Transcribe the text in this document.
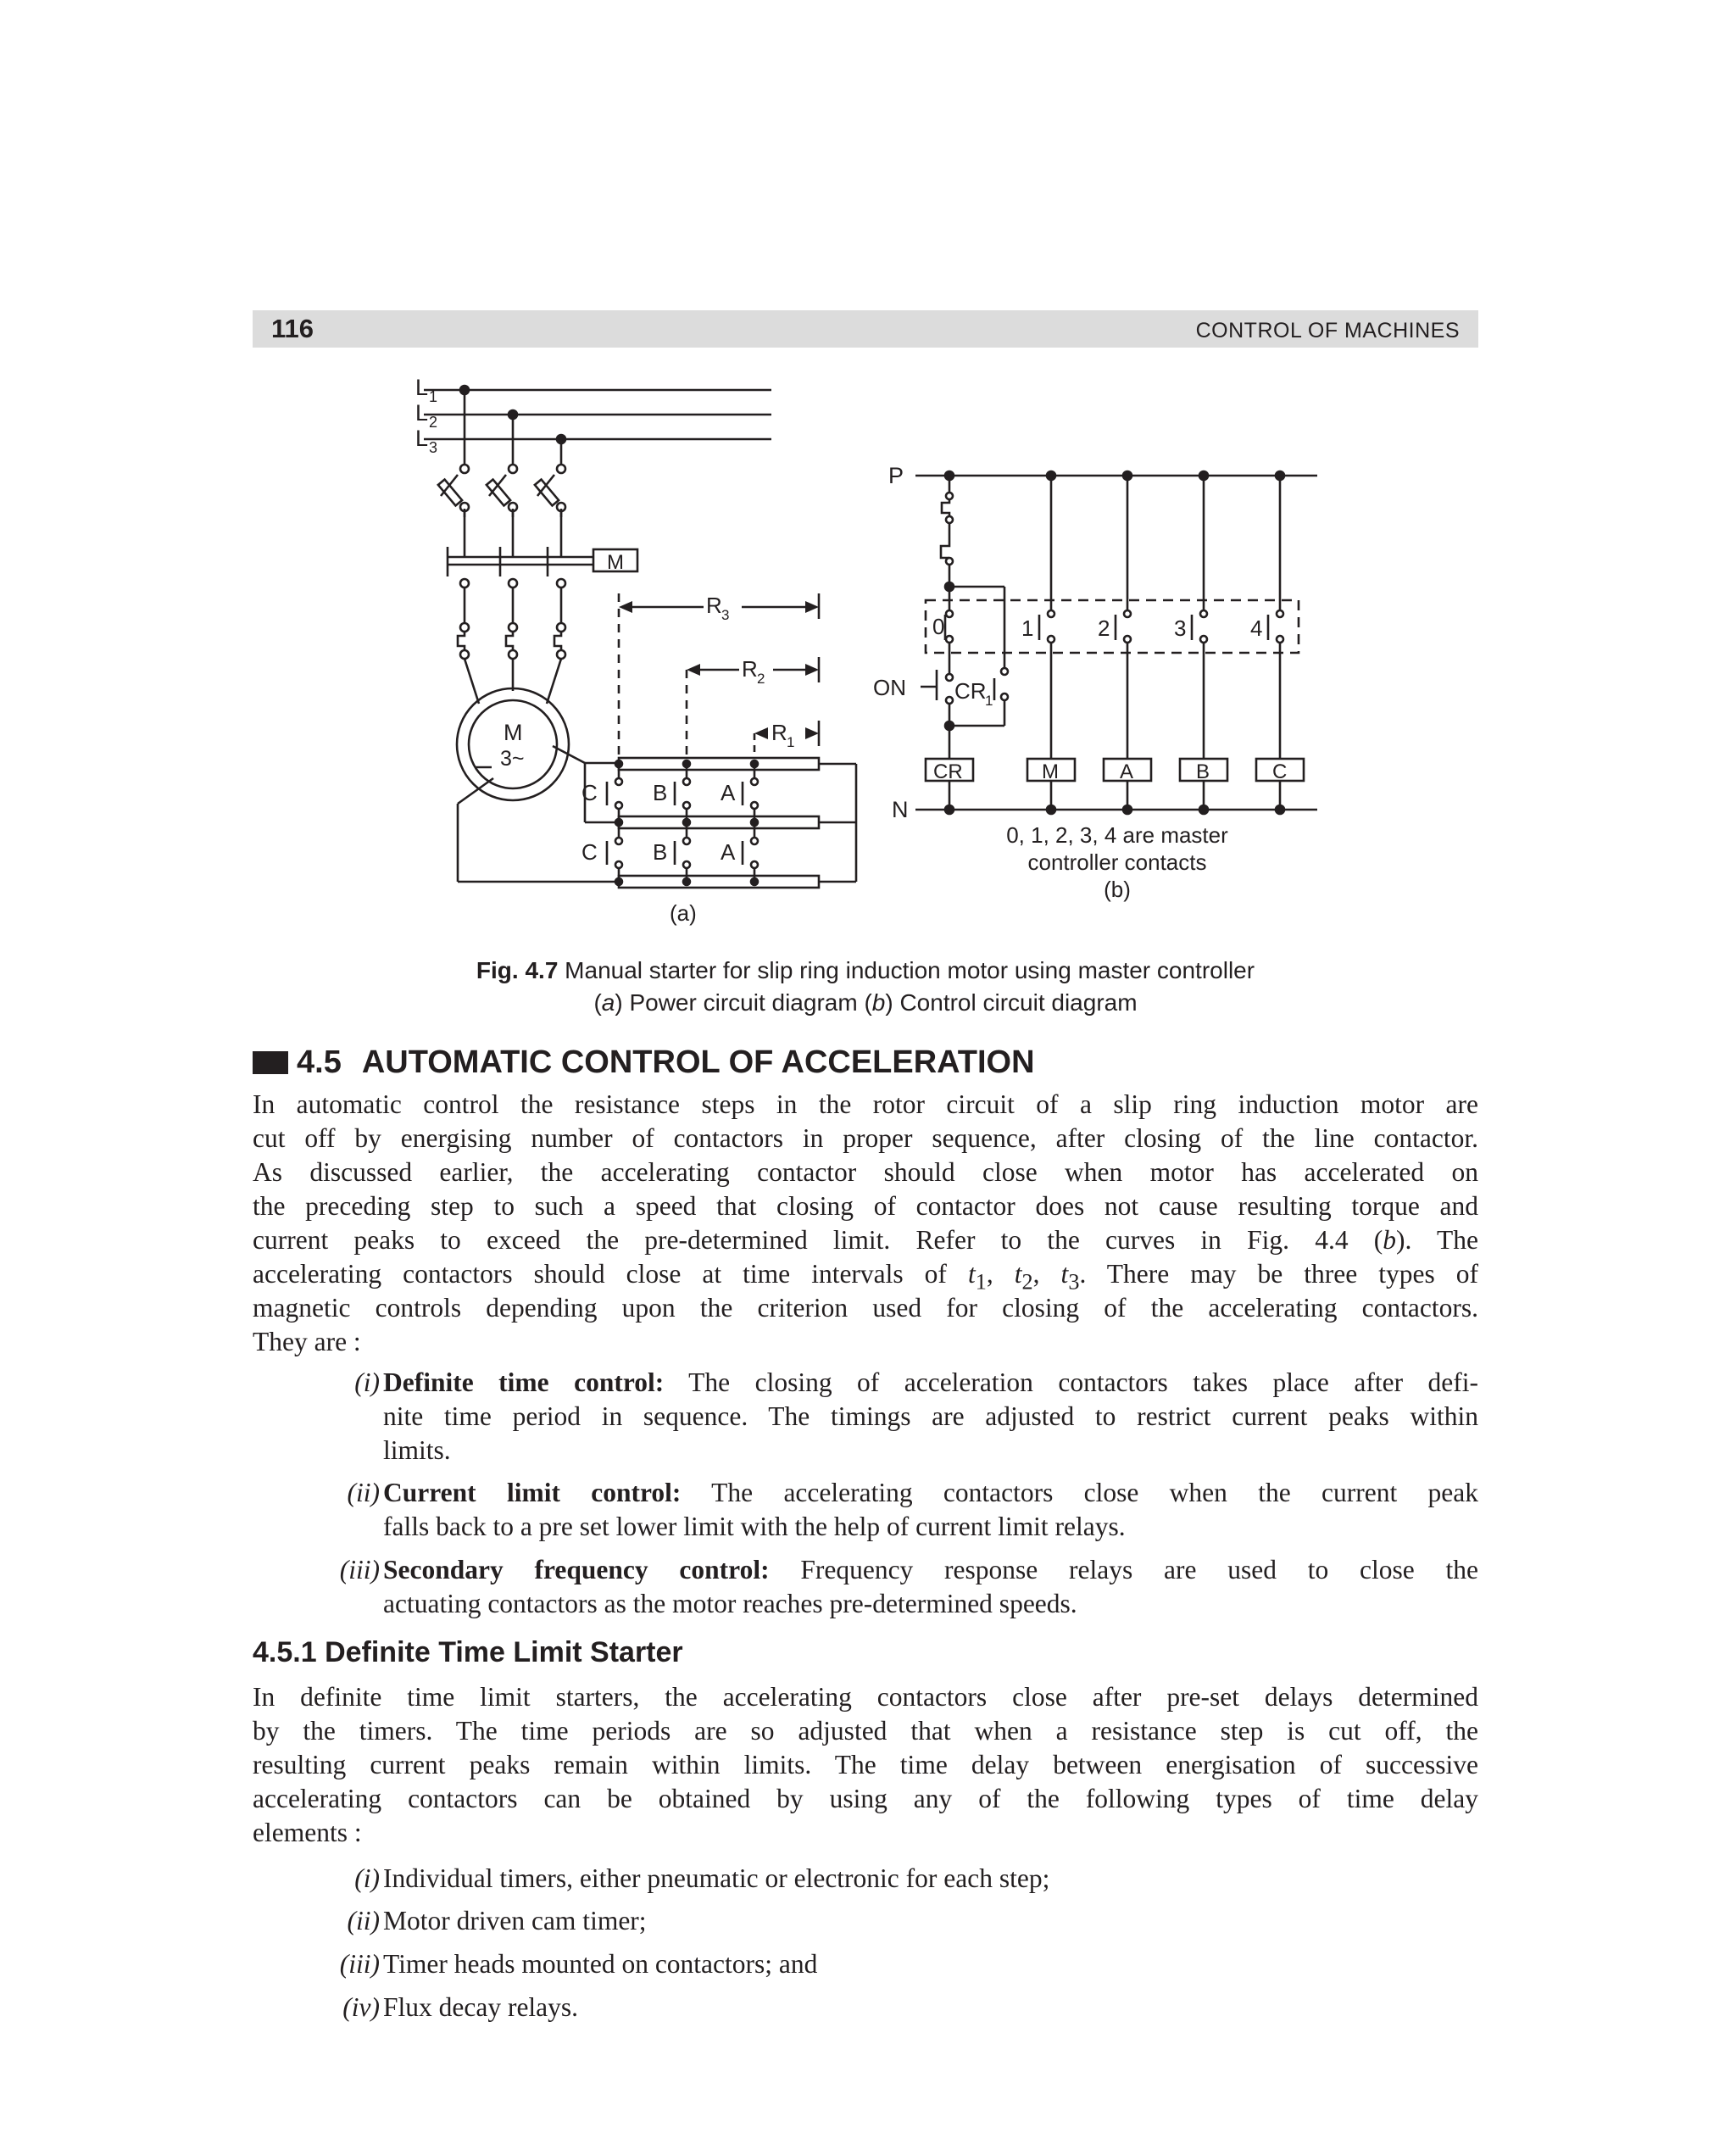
116	CONTROL OF MACHINES
L 1
L 2
L 3
M
M
3~
C	B A
C	B A
R 3
R 2
R 1
(a)
P
N
ON CR
1
0	1	2	3	4
CR	M	A	B	C
0, 1, 2, 3, 4 are master
controller contacts
(b)
Fig. 4.7 Manual starter for slip ring induction motor using master controller
(a) Power circuit diagram (b) Control circuit diagram
4.5 AUTOMATIC CONTROL OF ACCELERATION
In automatic control the resistance steps in the rotor circuit of a slip ring induction motor are
cut off by energising number of contactors in proper sequence, after closing of the line contactor.
As discussed earlier, the accelerating contactor should close when motor has accelerated on
the preceding step to such a speed that closing of contactor does not cause resulting torque and
current peaks to exceed the pre-determined limit. Refer to the curves in Fig. 4.4 (b). The
accelerating contactors should close at time intervals of $t_1$, $t_2$, $t_3$. There may be three types of
magnetic controls depending upon the criterion used for closing of the accelerating contactors.
They are :
(i) Definite time control: The closing of acceleration contactors takes place after defi-
nite time period in sequence. The timings are adjusted to restrict current peaks within
limits.
(ii) Current limit control: The accelerating contactors close when the current peak
falls back to a pre set lower limit with the help of current limit relays.
(iii) Secondary frequency control: Frequency response relays are used to close the
actuating contactors as the motor reaches pre-determined speeds.
4.5.1 Definite Time Limit Starter
In definite time limit starters, the accelerating contactors close after pre-set delays determined
by the timers. The time periods are so adjusted that when a resistance step is cut off, the
resulting current peaks remain within limits. The time delay between energisation of successive
accelerating contactors can be obtained by using any of the following types of time delay
elements :
(i) Individual timers, either pneumatic or electronic for each step;
(ii) Motor driven cam timer;
(iii) Timer heads mounted on contactors; and
(iv) Flux decay relays.
